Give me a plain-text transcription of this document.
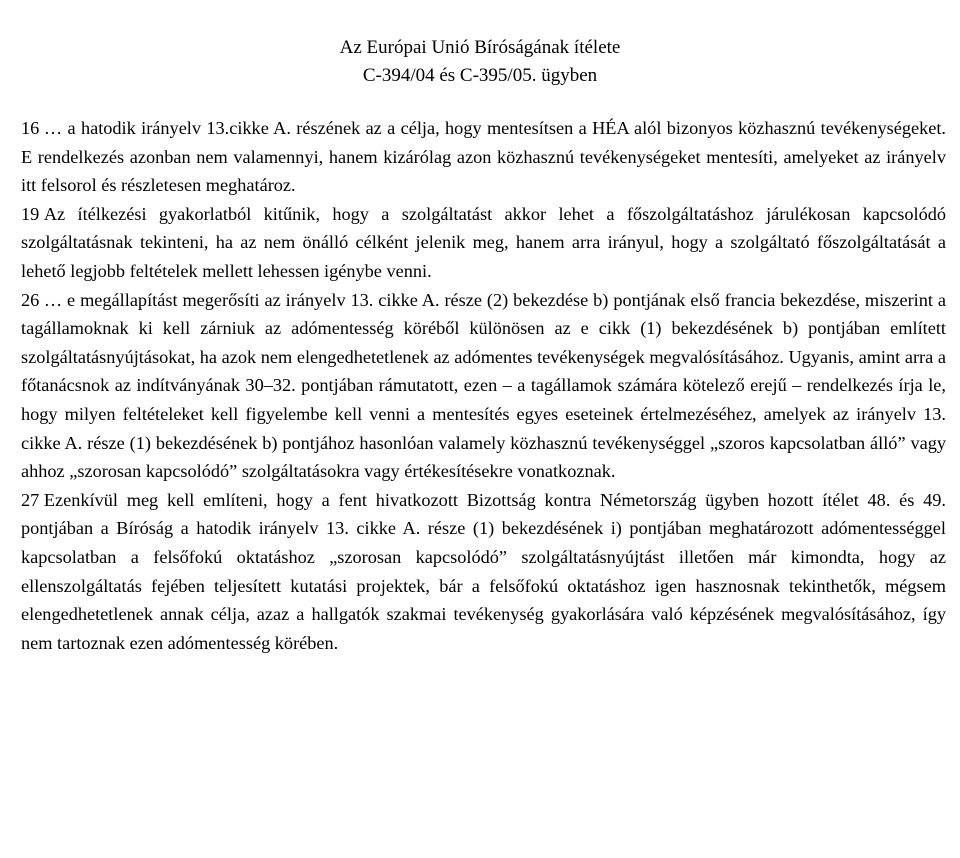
Az Európai Unió Bíróságának ítélete
C-394/04 és C-395/05. ügyben

16 … a hatodik irányelv 13.cikke A. részének az a célja, hogy mentesítsen a HÉA alól bizonyos közhasznú tevékenységeket. E rendelkezés azonban nem valamennyi, hanem kizárólag azon közhasznú tevékenységeket mentesíti, amelyeket az irányelv itt felsorol és részletesen meghatároz.

19 Az ítélkezési gyakorlatból kitűnik, hogy a szolgáltatást akkor lehet a főszolgáltatáshoz járulékosan kapcsolódó szolgáltatásnak tekinteni, ha az nem önálló célként jelenik meg, hanem arra irányul, hogy a szolgáltató főszolgáltatását a lehető legjobb feltételek mellett lehessen igénybe venni.

26 … e megállapítást megerősíti az irányelv 13. cikke A. része (2) bekezdése b) pontjának első francia bekezdése, miszerint a tagállamoknak ki kell zárniuk az adómentesség köréből különösen az e cikk (1) bekezdésének b) pontjában említett szolgáltatásnyújtásokat, ha azok nem elengedhetetlenek az adómentes tevékenységek megvalósításához. Ugyanis, amint arra a főtanácsnok az indítványának 30–32. pontjában rámutatott, ezen – a tagállamok számára kötelező erejű – rendelkezés írja le, hogy milyen feltételeket kell figyelembe kell venni a mentesítés egyes eseteinek értelmezéséhez, amelyek az irányelv 13. cikke A. része (1) bekezdésének b) pontjához hasonlóan valamely közhasznú tevékenységgel „szoros kapcsolatban álló” vagy ahhoz „szorosan kapcsolódó” szolgáltatásokra vagy értékesítésekre vonatkoznak.

27 Ezenkívül meg kell említeni, hogy a fent hivatkozott Bizottság kontra Németország ügyben hozott ítélet 48. és 49. pontjában a Bíróság a hatodik irányelv 13. cikke A. része (1) bekezdésének i) pontjában meghatározott adómentességgel kapcsolatban a felsőfokú oktatáshoz „szorosan kapcsolódó” szolgáltatásnyújtást illetően már kimondta, hogy az ellenszolgáltatás fejében teljesített kutatási projektek, bár a felsőfokú oktatáshoz igen hasznosnak tekinthetők, mégsem elengedhetetlenek annak célja, azaz a hallgatók szakmai tevékenység gyakorlására való képzésének megvalósításához, így nem tartoznak ezen adómentesség körében.
